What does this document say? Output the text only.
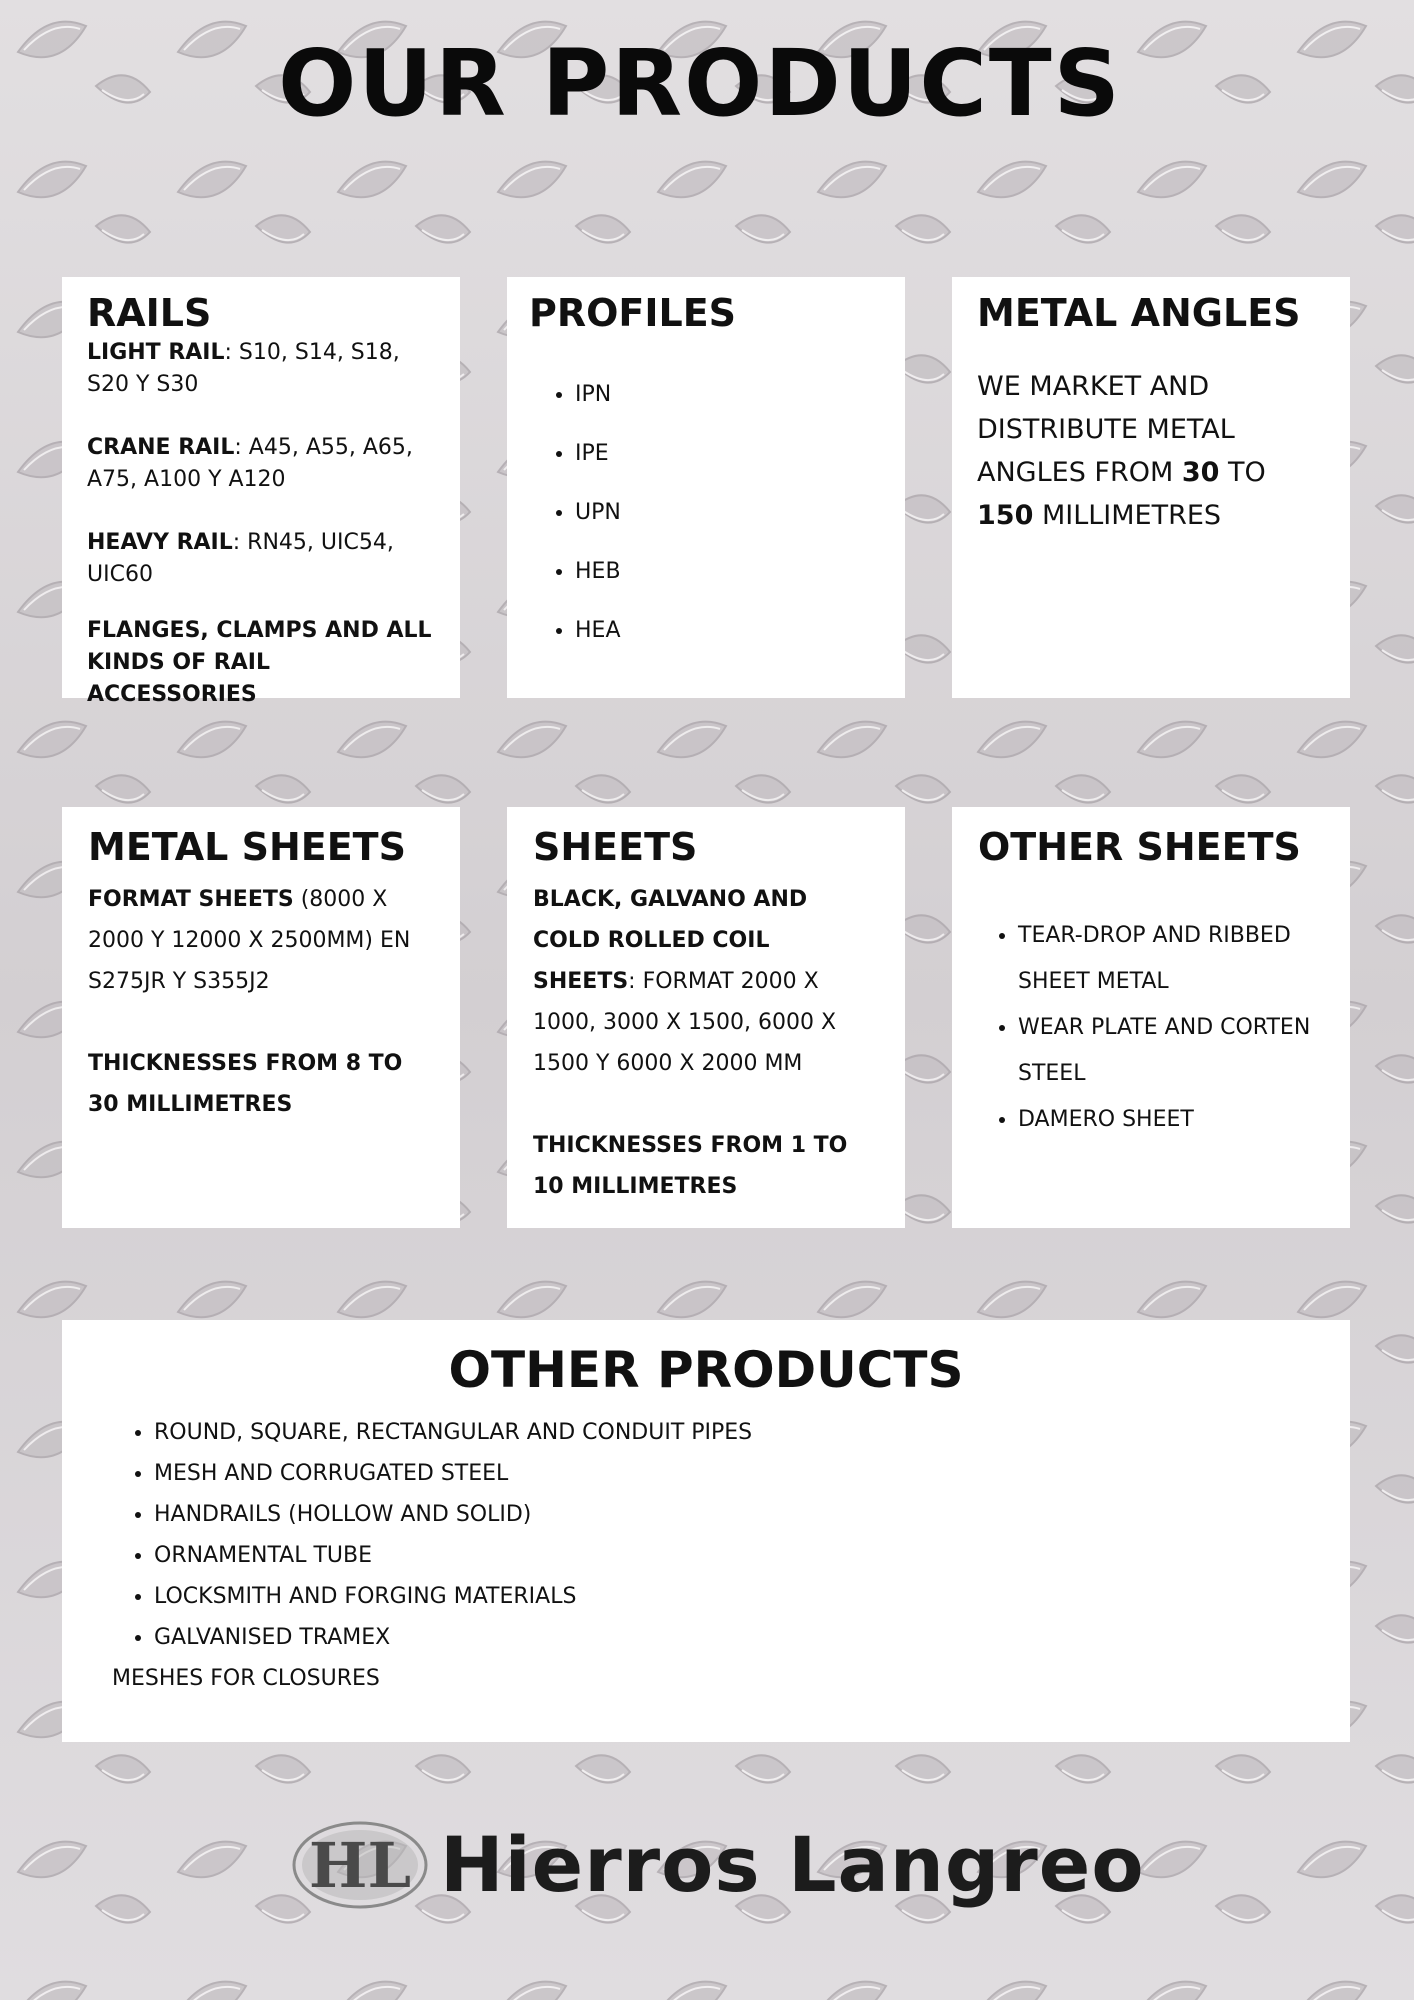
OUR PRODUCTS
RAILS

LIGHT RAIL: S10, S14, S18, S20 Y S30

CRANE RAIL: A45, A55, A65, A75, A100 Y A120

HEAVY RAIL: RN45, UIC54, UIC60

FLANGES, CLAMPS AND ALL KINDS OF RAIL ACCESSORIES

PROFILES
• IPN
• IPE
• UPN
• HEB
• HEA
METAL ANGLES

WE MARKET AND DISTRIBUTE METAL ANGLES FROM 30 TO 150 MILLIMETRES

METAL SHEETS

FORMAT SHEETS (8000 X 2000 Y 12000 X 2500MM) EN S275JR Y S355J2

THICKNESSES FROM 8 TO 30 MILLIMETRES

SHEETS

BLACK, GALVANO AND COLD ROLLED COIL SHEETS: FORMAT 2000 X 1000, 3000 X 1500, 6000 X 1500 Y 6000 X 2000 MM

THICKNESSES FROM 1 TO 10 MILLIMETRES

OTHER SHEETS
• TEAR-DROP AND RIBBED SHEET METAL
• WEAR PLATE AND CORTEN STEEL
• DAMERO SHEET
OTHER PRODUCTS
• ROUND, SQUARE, RECTANGULAR AND CONDUIT PIPES
• MESH AND CORRUGATED STEEL
• HANDRAILS (HOLLOW AND SOLID)
• ORNAMENTAL TUBE
• LOCKSMITH AND FORGING MATERIALS
• GALVANISED TRAMEX

MESHES FOR CLOSURES

HL Hierros Langreo
